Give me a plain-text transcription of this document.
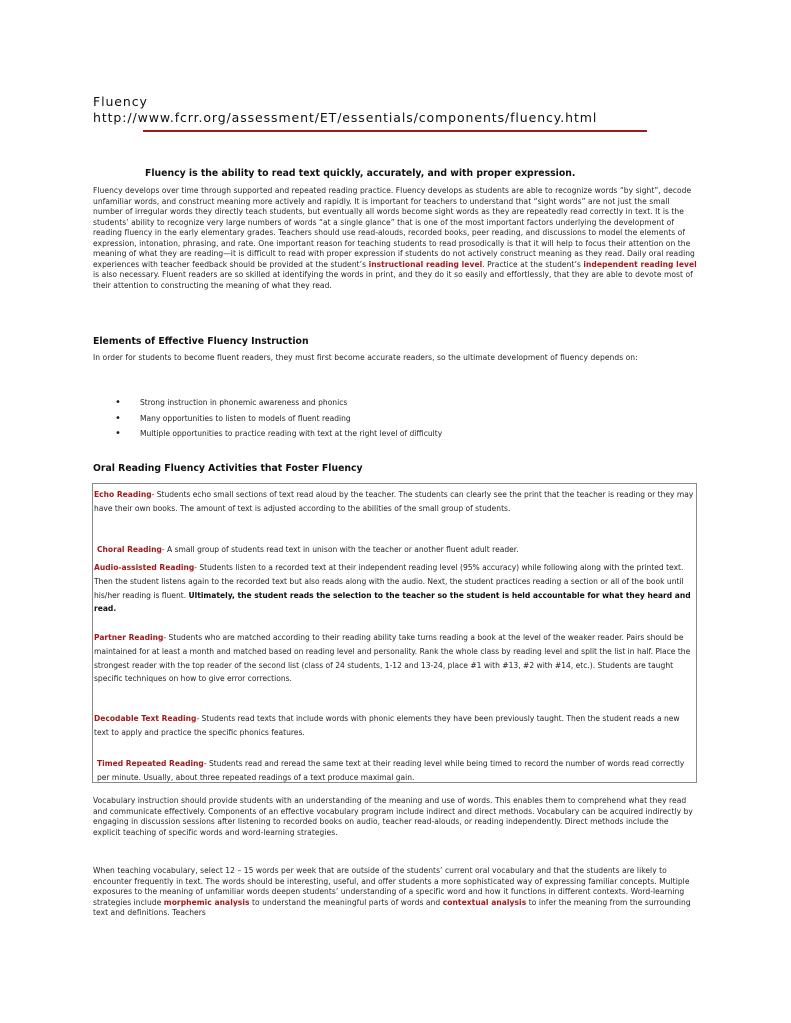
Fluency
http://www.fcrr.org/assessment/ET/essentials/components/fluency.html
Fluency is the ability to read text quickly, accurately, and with proper expression.

Fluency develops over time through supported and repeated reading practice. Fluency develops as students are able to recognize words “by sight”, decode unfamiliar words, and construct meaning more actively and rapidly. It is important for teachers to understand that “sight words” are not just the small number of irregular words they directly teach students, but eventually all words become sight words as they are repeatedly read correctly in text. It is the students’ ability to recognize very large numbers of words “at a single glance” that is one of the most important factors underlying the development of reading fluency in the early elementary grades. Teachers should use read-alouds, recorded books, peer reading, and discussions to model the elements of expression, intonation, phrasing, and rate. One important reason for teaching students to read prosodically is that it will help to focus their attention on the meaning of what they are reading—it is difficult to read with proper expression if students do not actively construct meaning as they read. Daily oral reading experiences with teacher feedback should be provided at the student’s instructional reading level. Practice at the student’s independent reading level is also necessary. Fluent readers are so skilled at identifying the words in print, and they do it so easily and effortlessly, that they are able to devote most of their attention to constructing the meaning of what they read.

Elements of Effective Fluency Instruction
In order for students to become fluent readers, they must first become accurate readers, so the ultimate development of fluency depends on:
•	Strong instruction in phonemic awareness and phonics
•	Many opportunities to listen to models of fluent reading
•	Multiple opportunities to practice reading with text at the right level of difficulty
Oral Reading Fluency Activities that Foster Fluency
Echo Reading- Students echo small sections of text read aloud by the teacher. The students can clearly see the print that the teacher is reading or they may have their own books. The amount of text is adjusted according to the abilities of the small group of students.
Choral Reading- A small group of students read text in unison with the teacher or another fluent adult reader.
Audio-assisted Reading- Students listen to a recorded text at their independent reading level (95% accuracy) while following along with the printed text. Then the student listens again to the recorded text but also reads along with the audio. Next, the student practices reading a section or all of the book until his/her reading is fluent. Ultimately, the student reads the selection to the teacher so the student is held accountable for what they heard and read.
Partner Reading- Students who are matched according to their reading ability take turns reading a book at the level of the weaker reader. Pairs should be maintained for at least a month and matched based on reading level and personality. Rank the whole class by reading level and split the list in half. Place the strongest reader with the top reader of the second list (class of 24 students, 1-12 and 13-24, place #1 with #13, #2 with #14, etc.). Students are taught specific techniques on how to give error corrections.
Decodable Text Reading- Students read texts that include words with phonic elements they have been previously taught. Then the student reads a new text to apply and practice the specific phonics features.
Timed Repeated Reading- Students read and reread the same text at their reading level while being timed to record the number of words read correctly per minute. Usually, about three repeated readings of a text produce maximal gain.
Vocabulary instruction should provide students with an understanding of the meaning and use of words. This enables them to comprehend what they read and communicate effectively. Components of an effective vocabulary program include indirect and direct methods. Vocabulary can be acquired indirectly by engaging in discussion sessions after listening to recorded books on audio, teacher read-alouds, or reading independently. Direct methods include the explicit teaching of specific words and word-learning strategies.
When teaching vocabulary, select 12 – 15 words per week that are outside of the students’ current oral vocabulary and that the students are likely to encounter frequently in text. The words should be interesting, useful, and offer students a more sophisticated way of expressing familiar concepts. Multiple exposures to the meaning of unfamiliar words deepen students’ understanding of a specific word and how it functions in different contexts. Word-learning strategies include morphemic analysis to understand the meaningful parts of words and contextual analysis to infer the meaning from the surrounding text and definitions. Teachers
